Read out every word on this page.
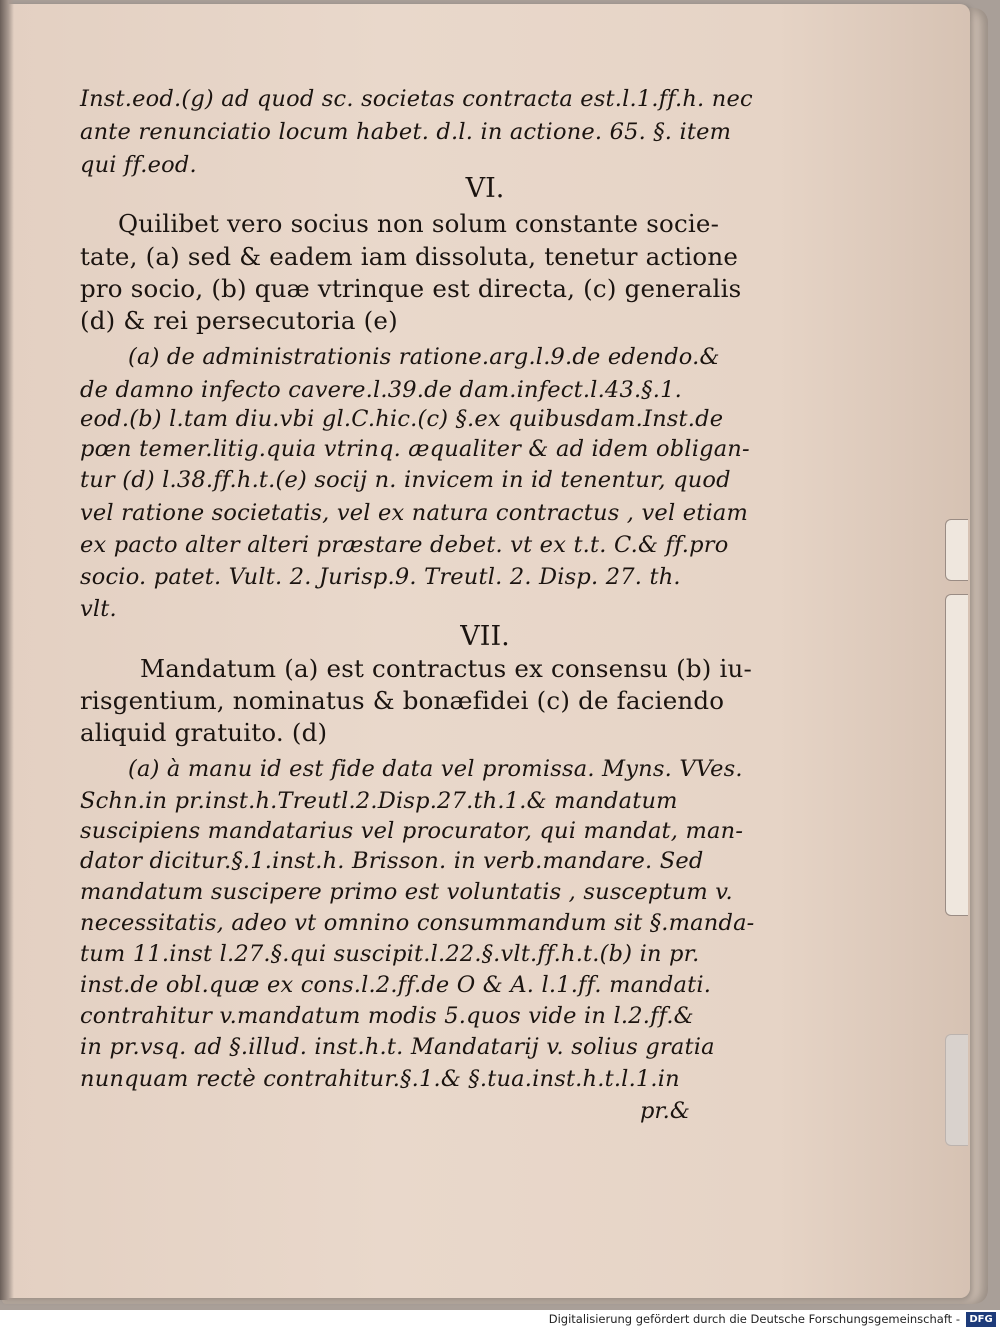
Inst.eod.(g) ad quod sc. societas contracta est.l.1.ff.h. nec
ante renunciatio locum habet. d.l. in actione. 65. §. item
qui ff.eod.
VI.
Quilibet vero socius non solum constante socie-
tate, (a) sed & eadem iam dissoluta, tenetur actione
pro socio, (b) quæ vtrinque est directa, (c) generalis
(d) & rei persecutoria (e)
(a) de administrationis ratione.arg.l.9.de edendo.&
de damno infecto cavere.l.39.de dam.infect.l.43.§.1.
eod.(b) l.tam diu.vbi gl.C.hic.(c) §.ex quibusdam.Inst.de
pœn temer.litig.quia vtrinq. æqualiter & ad idem obligan-
tur (d) l.38.ff.h.t.(e) socij n. invicem in id tenentur, quod
vel ratione societatis, vel ex natura contractus , vel etiam
ex pacto alter alteri præstare debet. vt ex t.t. C.& ff.pro
socio. patet. Vult. 2. Jurisp.9. Treutl. 2. Disp. 27. th.
vlt.
VII.
Mandatum (a) est contractus ex consensu (b) iu-
risgentium, nominatus & bonæfidei (c) de faciendo
aliquid gratuito. (d)
(a) à manu id est fide data vel promissa. Myns. VVes.
Schn.in pr.inst.h.Treutl.2.Disp.27.th.1.& mandatum
suscipiens mandatarius vel procurator, qui mandat, man-
dator dicitur.§.1.inst.h. Brisson. in verb.mandare. Sed
mandatum suscipere primo est voluntatis , susceptum v.
necessitatis, adeo vt omnino consummandum sit §.manda-
tum 11.inst l.27.§.qui suscipit.l.22.§.vlt.ff.h.t.(b) in pr.
inst.de obl.quæ ex cons.l.2.ff.de O & A. l.1.ff. mandati.
contrahitur v.mandatum modis 5.quos vide in l.2.ff.&
in pr.vsq. ad §.illud. inst.h.t. Mandatarij v. solius gratia
nunquam rectè contrahitur.§.1.& §.tua.inst.h.t.l.1.in
pr.&
Digitalisierung gefördert durch die Deutsche Forschungsgemeinschaft - DFG
